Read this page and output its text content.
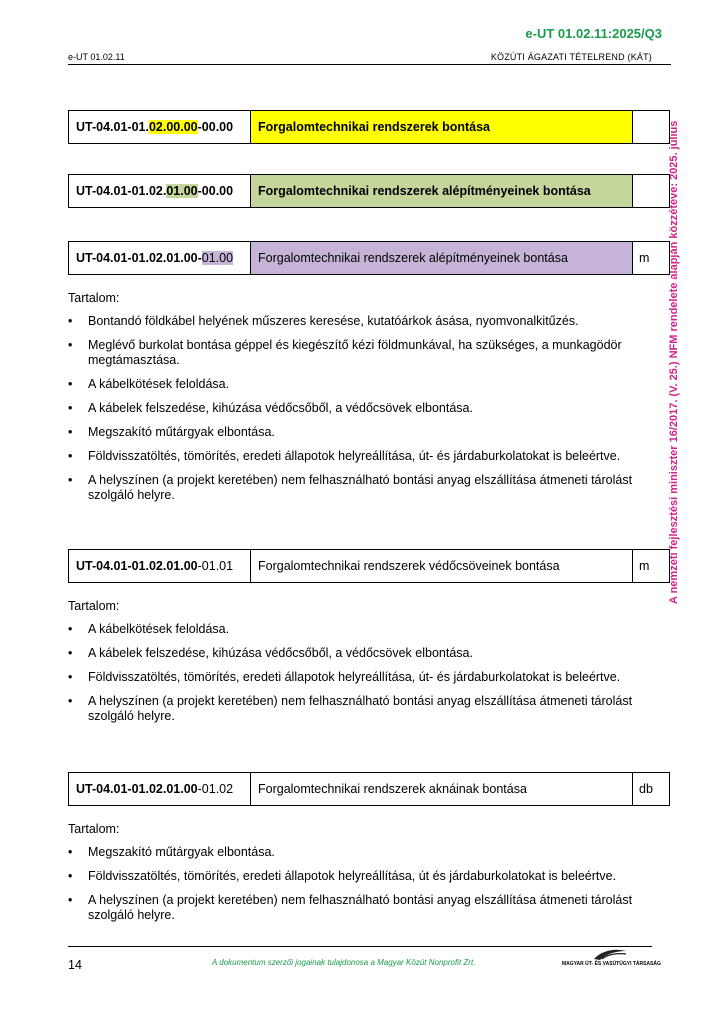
e-UT 01.02.11:2025/Q3
e-UT 01.02.11	KÖZÚTI ÁGAZATI TÉTELREND (KÁT)
A nemzeti fejlesztési miniszter 16/2017. (V. 25.) NFM rendelete alapján közzétéve: 2025. július
UT-04.01-01. 02.00.00 -00.00	Forgalomtechnikai rendszerek bontása
UT-04.01-01.02. 01.00 -00.00	Forgalomtechnikai rendszerek alépítményeinek bontása
UT-04.01-01.02.01.00- 01.00	Forgalomtechnikai rendszerek alépítményeinek bontása	m
Tartalom:
• Bontandó földkábel helyének műszeres keresése, kutatóárkok ásása, nyomvonalkitűzés.
• Meglévő burkolat bontása géppel és kiegészítő kézi földmunkával, ha szükséges, a munkagödör megtámasztása.
• A kábelkötések feloldása.
• A kábelek felszedése, kihúzása védőcsőből, a védőcsövek elbontása.
• Megszakító műtárgyak elbontása.
• Földvisszatöltés, tömörítés, eredeti állapotok helyreállítása, út- és járdaburkolatokat is beleértve.
• A helyszínen (a projekt keretében) nem felhasználható bontási anyag elszállítása átmeneti tárolást szolgáló helyre.
UT-04.01-01.02.01.00 -01.01	Forgalomtechnikai rendszerek védőcsöveinek bontása	m
Tartalom:
• A kábelkötések feloldása.
• A kábelek felszedése, kihúzása védőcsőből, a védőcsövek elbontása.
• Földvisszatöltés, tömörítés, eredeti állapotok helyreállítása, út- és járdaburkolatokat is beleértve.
• A helyszínen (a projekt keretében) nem felhasználható bontási anyag elszállítása átmeneti tárolást szolgáló helyre.
UT-04.01-01.02.01.00 -01.02	Forgalomtechnikai rendszerek aknáinak bontása	db
Tartalom:
• Megszakító műtárgyak elbontása.
• Földvisszatöltés, tömörítés, eredeti állapotok helyreállítása, út és járdaburkolatokat is beleértve.
• A helyszínen (a projekt keretében) nem felhasználható bontási anyag elszállítása átmeneti tárolást szolgáló helyre.
14	A dokumentum szerzői jogainak tulajdonosa a Magyar Közút Nonprofit Zrt.	MAGYAR ÚT- ÉS VASÚTÜGYI TÁRSASÁG
